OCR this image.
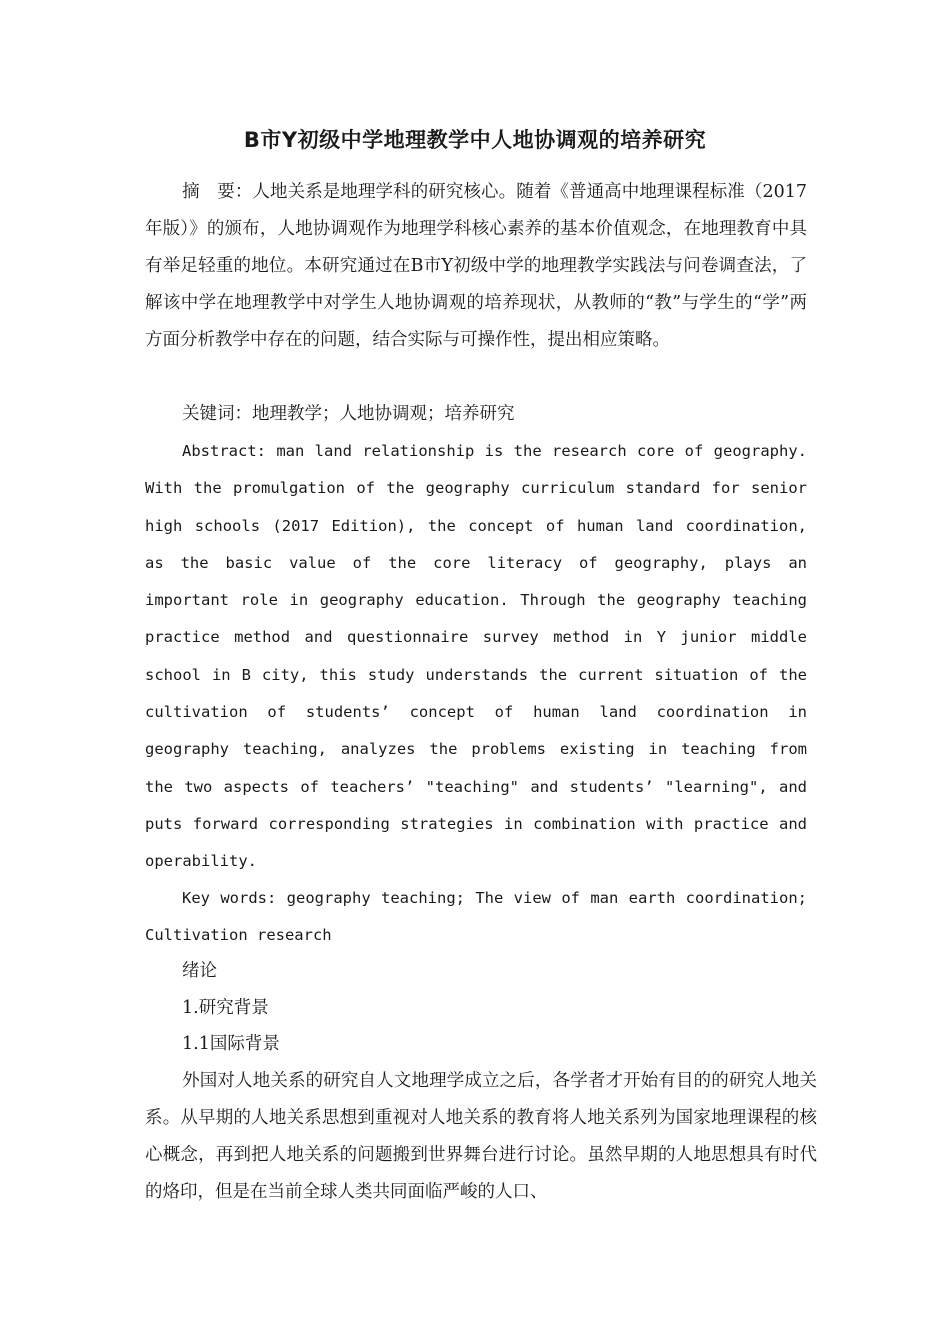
B市Y初级中学地理教学中人地协调观的培养研究

摘　要：人地关系是地理学科的研究核心。随着《普通高中地理课程标准（2017年版）》的颁布，人地协调观作为地理学科核心素养的基本价值观念，在地理教育中具有举足轻重的地位。本研究通过在B市Y初级中学的地理教学实践法与问卷调查法，了解该中学在地理教学中对学生人地协调观的培养现状，从教师的“教”与学生的“学”两方面分析教学中存在的问题，结合实际与可操作性，提出相应策略。

关键词：地理教学；人地协调观；培养研究

Abstract: man land relationship is the research core of geography. With the promulgation of the geography curriculum standard for senior high schools (2017 Edition), the concept of human land coordination, as the basic value of the core literacy of geography, plays an important role in geography education. Through the geography teaching practice method and questionnaire survey method in Y junior middle school in B city, this study understands the current situation of the cultivation of students’ concept of human land coordination in geography teaching, analyzes the problems existing in teaching from the two aspects of teachers’ "teaching" and students’ "learning", and puts forward corresponding strategies in combination with practice and operability.

Key words: geography teaching; The view of man earth coordination; Cultivation research

绪论

1.研究背景

1.1国际背景

外国对人地关系的研究自人文地理学成立之后，各学者才开始有目的的研究人地关系。从早期的人地关系思想到重视对人地关系的教育将人地关系列为国家地理课程的核心概念，再到把人地关系的问题搬到世界舞台进行讨论。虽然早期的人地思想具有时代的烙印，但是在当前全球人类共同面临严峻的人口、
